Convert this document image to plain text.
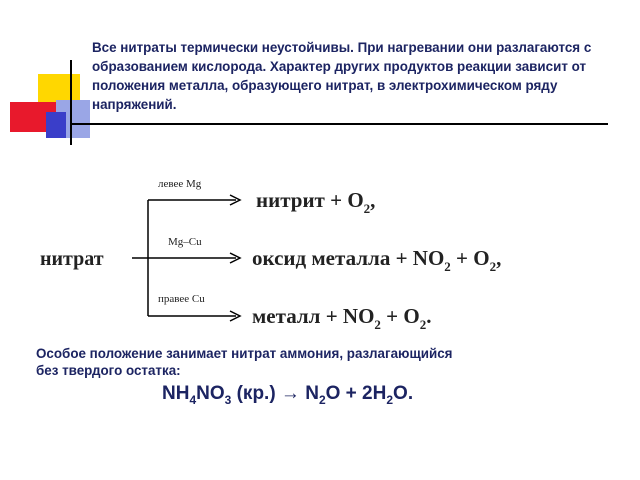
Все нитраты термически неустойчивы. При нагревании они разлагаются с образованием кислорода. Характер других продуктов реакции зависит от положения металла, образующего нитрат, в электрохимическом ряду напряжений.

нитрат
левее Mg
Mg–Cu
правее Cu
нитрит + $O_2$,
оксид металла + $NO_2 + O_2$,
металл + $NO_2 + O_2$.

Особое положение занимает нитрат аммония, разлагающийся без твердого остатка:

$NH_4NO_3$ $(кр.) \to N_2O + 2H_2O$.
